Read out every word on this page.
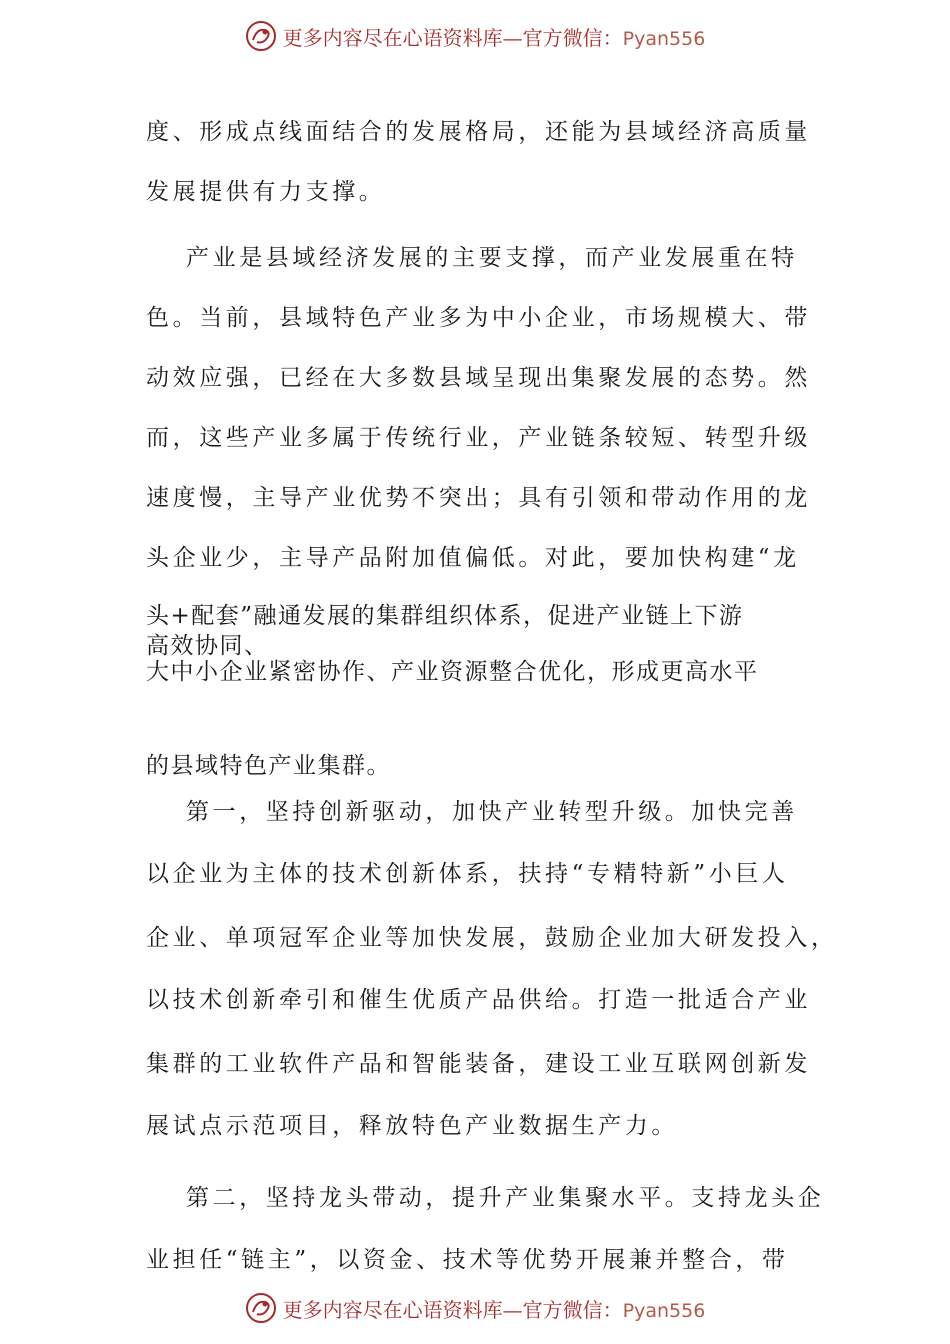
更多内容尽在心语资料库—官方微信：Pyan556
度、形成点线面结合的发展格局，还能为县域经济高质量
发展提供有力支撑。
产业是县域经济发展的主要支撑，而产业发展重在特
色。当前，县域特色产业多为中小企业，市场规模大、带
动效应强，已经在大多数县域呈现出集聚发展的态势。然
而，这些产业多属于传统行业，产业链条较短、转型升级
速度慢，主导产业优势不突出；具有引领和带动作用的龙
头企业少，主导产品附加值偏低。对此，要加快构建“龙
头+配套”融通发展的集群组织体系，促进产业链上下游
高效协同、
大中小企业紧密协作、产业资源整合优化，形成更高水平
的县域特色产业集群。
第一，坚持创新驱动，加快产业转型升级。加快完善
以企业为主体的技术创新体系，扶持“专精特新”小巨人
企业、单项冠军企业等加快发展，鼓励企业加大研发投入，
以技术创新牵引和催生优质产品供给。打造一批适合产业
集群的工业软件产品和智能装备，建设工业互联网创新发
展试点示范项目，释放特色产业数据生产力。
第二，坚持龙头带动，提升产业集聚水平。支持龙头企
业担任“链主”，以资金、技术等优势开展兼并整合，带
更多内容尽在心语资料库—官方微信：Pyan556
